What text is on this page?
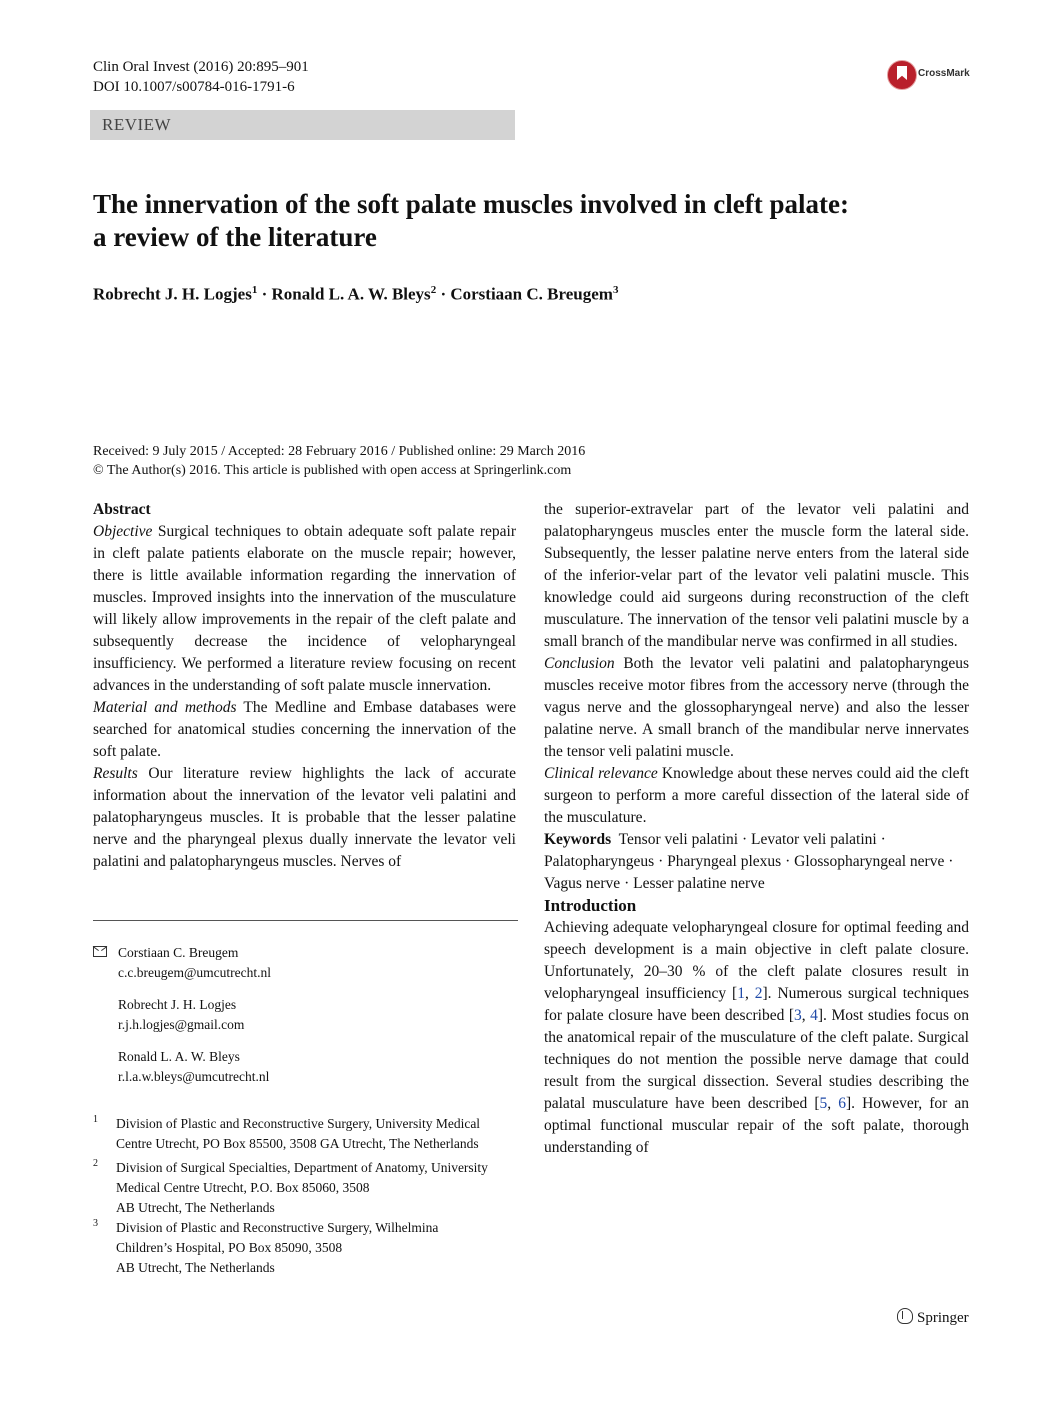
Clin Oral Invest (2016) 20:895–901
DOI 10.1007/s00784-016-1791-6
REVIEW
CrossMark
The innervation of the soft palate muscles involved in cleft palate:
a review of the literature
Robrecht J. H. Logjes$^1$ · Ronald L. A. W. Bleys$^2$ · Corstiaan C. Breugem$^3$
Received: 9 July 2015 / Accepted: 28 February 2016 / Published online: 29 March 2016
© The Author(s) 2016. This article is published with open access at Springerlink.com

Abstract

Objective Surgical techniques to obtain adequate soft palate repair in cleft palate patients elaborate on the muscle repair; however, there is little available information regarding the innervation of muscles. Improved insights into the innervation of the musculature will likely allow improvements in the repair of the cleft palate and subsequently decrease the incidence of velopharyngeal insufficiency. We performed a literature review focusing on recent advances in the understanding of soft palate muscle innervation.

Material and methods The Medline and Embase databases were searched for anatomical studies concerning the innervation of the soft palate.

Results Our literature review highlights the lack of accurate information about the innervation of the levator veli palatini and palatopharyngeus muscles. It is probable that the lesser palatine nerve and the pharyngeal plexus dually innervate the levator veli palatini and palatopharyngeus muscles. Nerves of

Corstiaan C. Breugem
c.c.breugem@umcutrecht.nl
Robrecht J. H. Logjes
r.j.h.logjes@gmail.com
Ronald L. A. W. Bleys
r.l.a.w.bleys@umcutrecht.nl
1 Division of Plastic and Reconstructive Surgery, University Medical
Centre Utrecht, PO Box 85500, 3508 GA Utrecht, The Netherlands
2 Division of Surgical Specialties, Department of Anatomy, University
Medical Centre Utrecht, P.O. Box 85060, 3508
AB Utrecht, The Netherlands
3 Division of Plastic and Reconstructive Surgery, Wilhelmina
Children’s Hospital, PO Box 85090, 3508
AB Utrecht, The Netherlands

the superior-extravelar part of the levator veli palatini and palatopharyngeus muscles enter the muscle form the lateral side. Subsequently, the lesser palatine nerve enters from the lateral side of the inferior-velar part of the levator veli palatini muscle. This knowledge could aid surgeons during reconstruction of the cleft musculature. The innervation of the tensor veli palatini muscle by a small branch of the mandibular nerve was confirmed in all studies.

Conclusion Both the levator veli palatini and palatopharyngeus muscles receive motor fibres from the accessory nerve (through the vagus nerve and the glossopharyngeal nerve) and also the lesser palatine nerve. A small branch of the mandibular nerve innervates the tensor veli palatini muscle.

Clinical relevance Knowledge about these nerves could aid the cleft surgeon to perform a more careful dissection of the lateral side of the musculature.

Keywords Tensor veli palatini · Levator veli palatini · Palatopharyngeus · Pharyngeal plexus · Glossopharyngeal nerve · Vagus nerve · Lesser palatine nerve

Introduction

Achieving adequate velopharyngeal closure for optimal feeding and speech development is a main objective in cleft palate closure. Unfortunately, 20–30 % of the cleft palate closures result in velopharyngeal insufficiency [1, 2]. Numerous surgical techniques for palate closure have been described [3, 4]. Most studies focus on the anatomical repair of the musculature of the cleft palate. Surgical techniques do not mention the possible nerve damage that could result from the surgical dissection. Several studies describing the palatal musculature have been described [5, 6]. However, for an optimal functional muscular repair of the soft palate, thorough understanding of

Springer
